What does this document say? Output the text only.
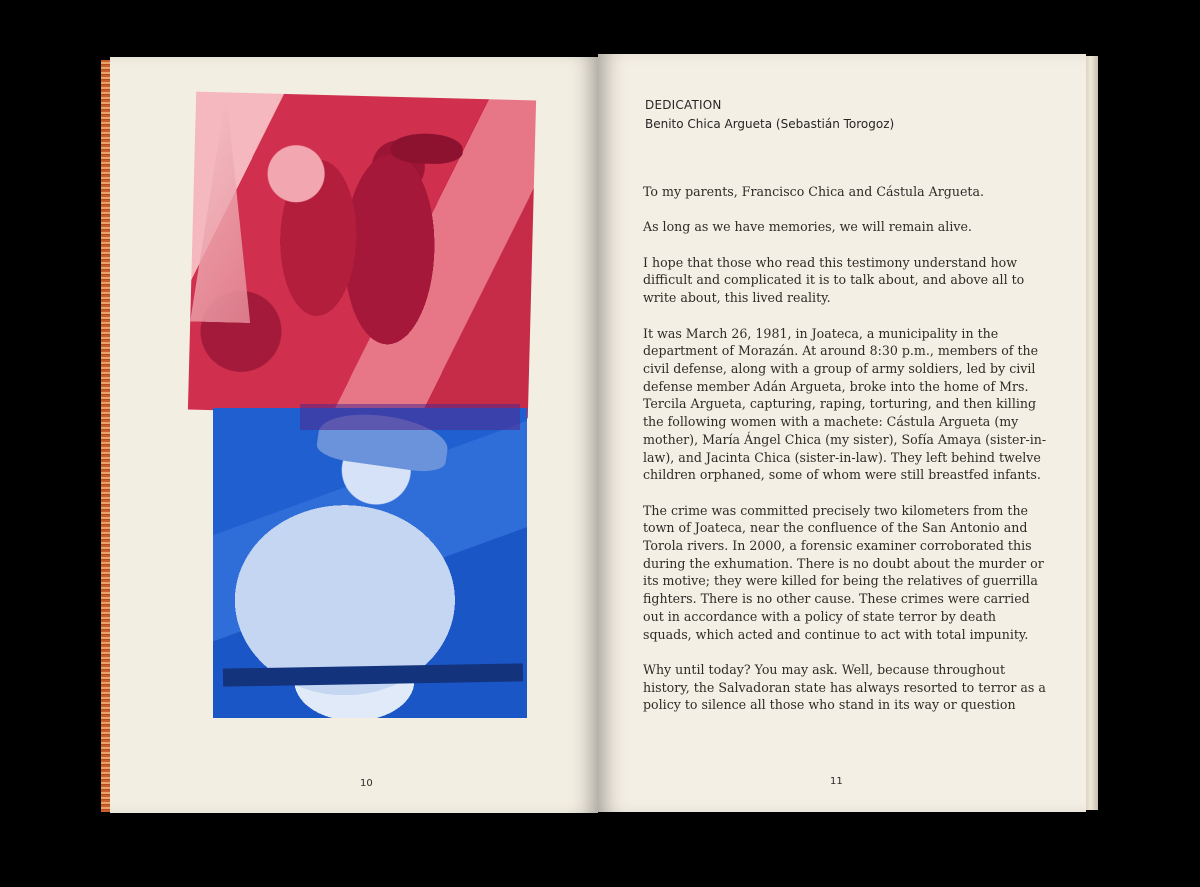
10
DEDICATION
Benito Chica Argueta (Sebastián Torogoz)

To my parents, Francisco Chica and Cástula Argueta.

As long as we have memories, we will remain alive.

I hope that those who read this testimony understand how difficult and complicated it is to talk about, and above all to write about, this lived reality.

It was March 26, 1981, in Joateca, a municipality in the department of Morazán. At around 8:30 p.m., members of the civil defense, along with a group of army soldiers, led by civil defense member Adán Argueta, broke into the home of Mrs. Tercila Argueta, capturing, raping, torturing, and then killing the following women with a machete: Cástula Argueta (my mother), María Ángel Chica (my sister), Sofía Amaya (sister-in-law), and Jacinta Chica (sister-in-law). They left behind twelve children orphaned, some of whom were still breastfed infants.

The crime was committed precisely two kilometers from the town of Joateca, near the confluence of the San Antonio and Torola rivers. In 2000, a forensic examiner corroborated this during the exhumation. There is no doubt about the murder or its motive; they were killed for being the relatives of guerrilla fighters. There is no other cause. These crimes were carried out in accordance with a policy of state terror by death squads, which acted and continue to act with total impunity.

Why until today? You may ask. Well, because throughout history, the Salvadoran state has always resorted to terror as a policy to silence all those who stand in its way or question

11
